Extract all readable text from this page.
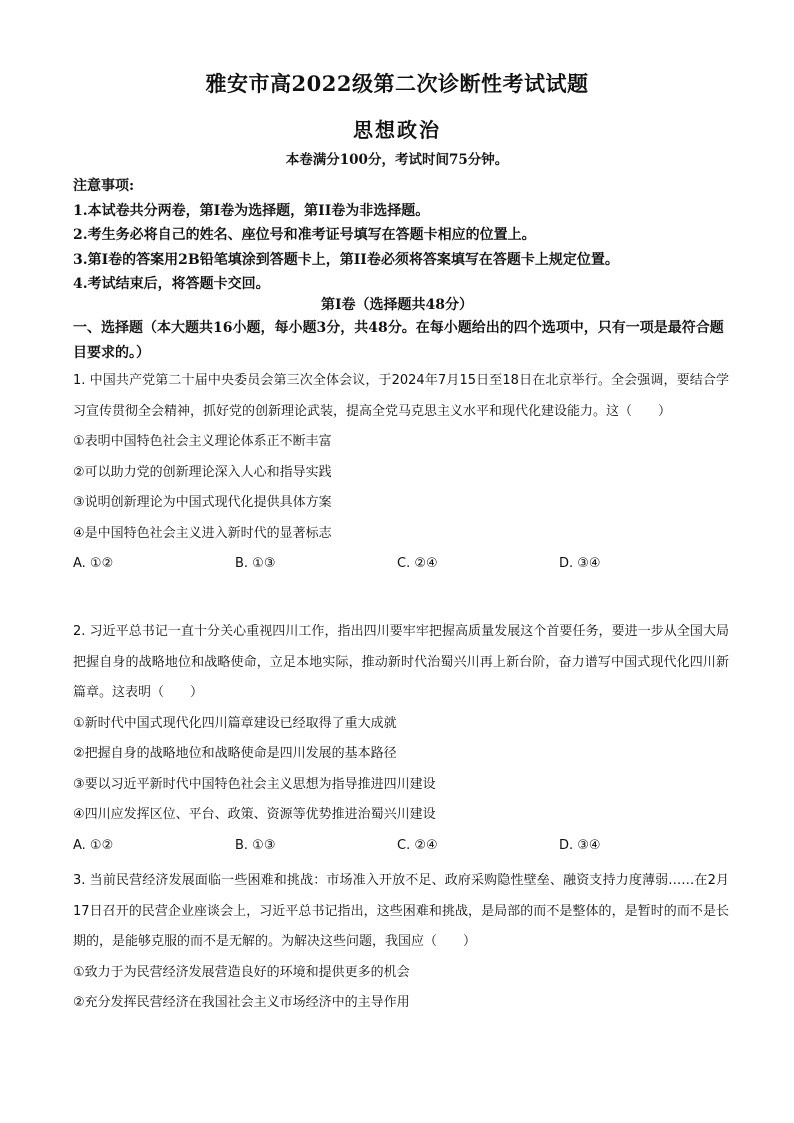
雅安市高2022级第二次诊断性考试试题
思想政治
本卷满分100分，考试时间75分钟。
注意事项:
1.本试卷共分两卷，第I卷为选择题，第II卷为非选择题。
2.考生务必将自己的姓名、座位号和准考证号填写在答题卡相应的位置上。
3.第I卷的答案用2B铅笔填涂到答题卡上，第II卷必须将答案填写在答题卡上规定位置。
4.考试结束后，将答题卡交回。
第I卷（选择题共48分）
一、选择题（本大题共16小题，每小题3分，共48分。在每小题给出的四个选项中，只有一项是最符合题目要求的。）
1. 中国共产党第二十届中央委员会第三次全体会议，于2024年7月15日至18日在北京举行。全会强调，要结合学习宣传贯彻全会精神，抓好党的创新理论武装，提高全党马克思主义水平和现代化建设能力。这（　　）
①表明中国特色社会主义理论体系正不断丰富
②可以助力党的创新理论深入人心和指导实践
③说明创新理论为中国式现代化提供具体方案
④是中国特色社会主义进入新时代的显著标志
A. ①②	B. ①③	C. ②④	D. ③④
2. 习近平总书记一直十分关心重视四川工作，指出四川要牢牢把握高质量发展这个首要任务，要进一步从全国大局把握自身的战略地位和战略使命，立足本地实际，推动新时代治蜀兴川再上新台阶，奋力谱写中国式现代化四川新篇章。这表明（　　）
①新时代中国式现代化四川篇章建设已经取得了重大成就
②把握自身的战略地位和战略使命是四川发展的基本路径
③要以习近平新时代中国特色社会主义思想为指导推进四川建设
④四川应发挥区位、平台、政策、资源等优势推进治蜀兴川建设
A. ①②	B. ①③	C. ②④	D. ③④
3. 当前民营经济发展面临一些困难和挑战：市场准入开放不足、政府采购隐性壁垒、融资支持力度薄弱……在2月17日召开的民营企业座谈会上，习近平总书记指出，这些困难和挑战，是局部的而不是整体的，是暂时的而不是长期的，是能够克服的而不是无解的。为解决这些问题，我国应（　　）
①致力于为民营经济发展营造良好的环境和提供更多的机会
②充分发挥民营经济在我国社会主义市场经济中的主导作用
